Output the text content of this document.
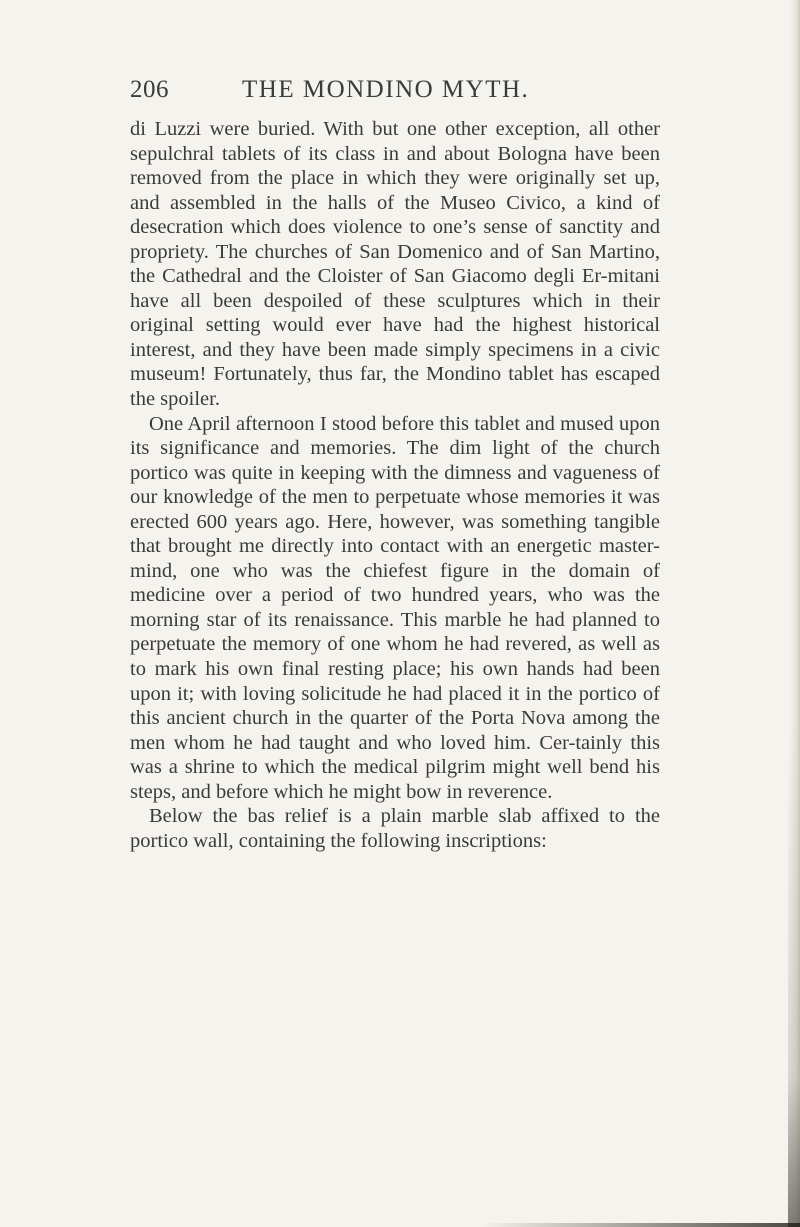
206	THE MONDINO MYTH.

di Luzzi were buried. With but one other exception, all other sepulchral tablets of its class in and about Bologna have been removed from the place in which they were originally set up, and assembled in the halls of the Museo Civico, a kind of desecration which does violence to one’s sense of sanctity and propriety. The churches of San Domenico and of San Martino, the Cathedral and the Cloister of San Giacomo degli Er-mitani have all been despoiled of these sculptures which in their original setting would ever have had the highest historical interest, and they have been made simply specimens in a civic museum! Fortunately, thus far, the Mondino tablet has escaped the spoiler.

One April afternoon I stood before this tablet and mused upon its significance and memories. The dim light of the church portico was quite in keeping with the dimness and vagueness of our knowledge of the men to perpetuate whose memories it was erected 600 years ago. Here, however, was something tangible that brought me directly into contact with an energetic master-mind, one who was the chiefest figure in the domain of medicine over a period of two hundred years, who was the morning star of its renaissance. This marble he had planned to perpetuate the memory of one whom he had revered, as well as to mark his own final resting place; his own hands had been upon it; with loving solicitude he had placed it in the portico of this ancient church in the quarter of the Porta Nova among the men whom he had taught and who loved him. Cer-tainly this was a shrine to which the medical pilgrim might well bend his steps, and before which he might bow in reverence.

Below the bas relief is a plain marble slab affixed to the portico wall, containing the following inscriptions:
